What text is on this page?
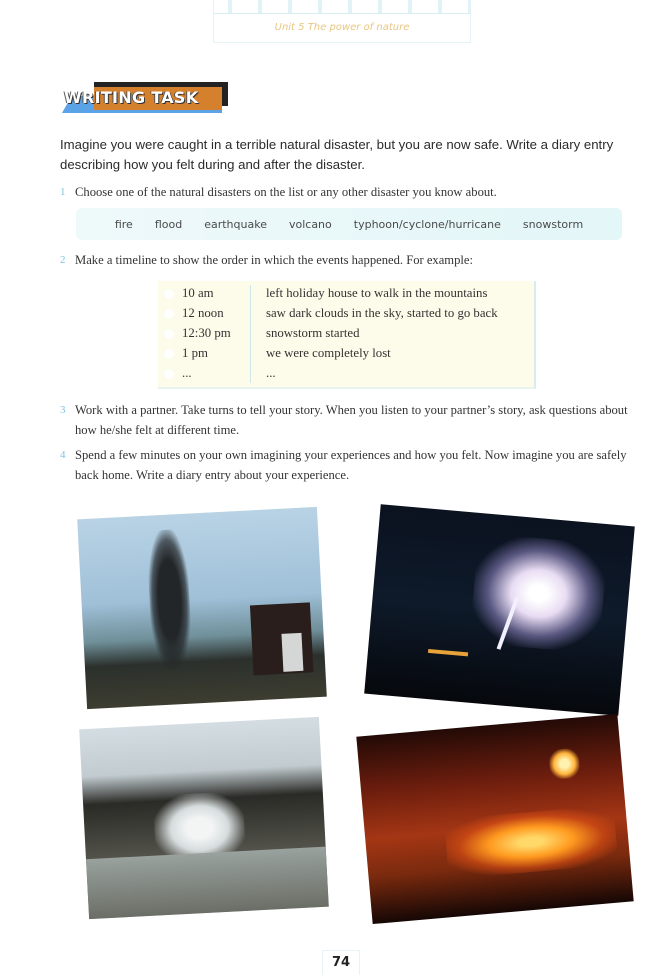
Unit 5 The power of nature
WRITING TASK
Imagine you were caught in a terrible natural disaster, but you are now safe. Write a diary entry describing how you felt during and after the disaster.
1 Choose one of the natural disasters on the list or any other disaster you know about.
fire flood earthquake volcano typhoon/cyclone/hurricane snowstorm
2 Make a timeline to show the order in which the events happened. For example:
10 am	left holiday house to walk in the mountains
12 noon	saw dark clouds in the sky, started to go back
12:30 pm	snowstorm started
1 pm	we were completely lost
...	...
3 Work with a partner. Take turns to tell your story. When you listen to your partner’s story, ask questions about how he/she felt at different time.
4 Spend a few minutes on your own imagining your experiences and how you felt. Now imagine you are safely back home. Write a diary entry about your experience.
74
